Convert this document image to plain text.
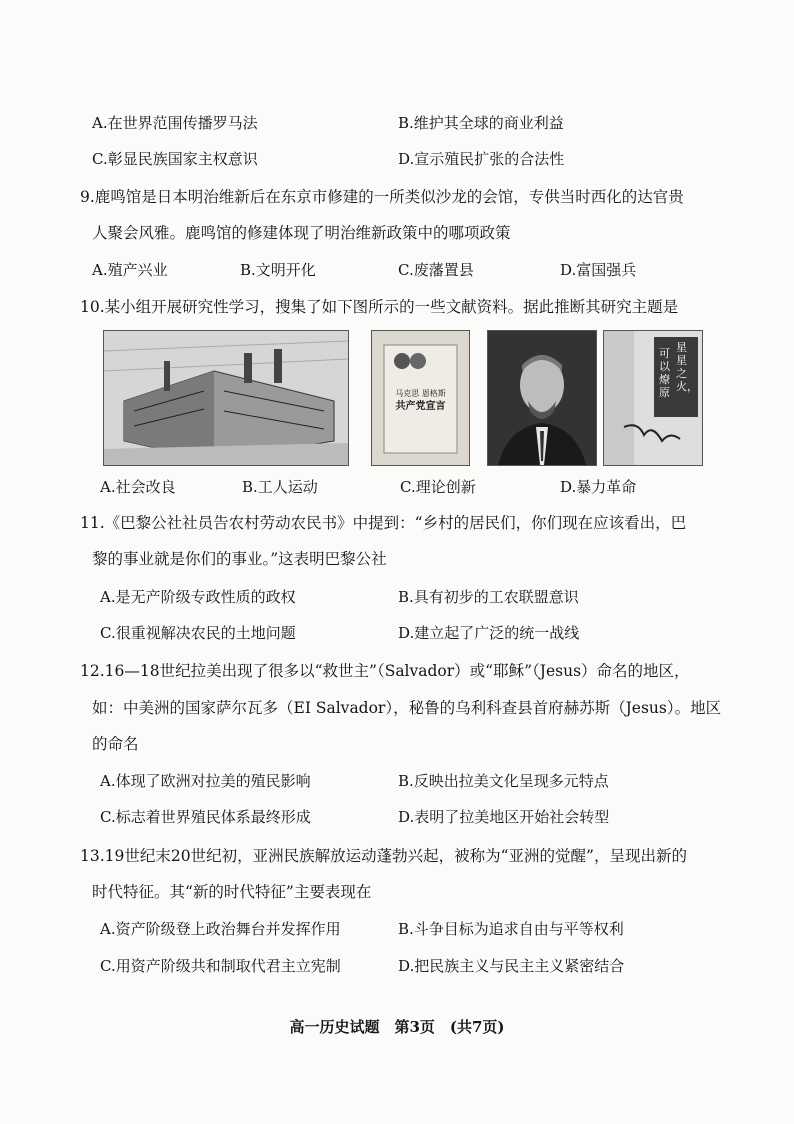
A.在世界范围传播罗马法	B.维护其全球的商业利益
C.彰显民族国家主权意识	D.宣示殖民扩张的合法性
9.鹿鸣馆是日本明治维新后在东京市修建的一所类似沙龙的会馆，专供当时西化的达官贵
人聚会风雅。鹿鸣馆的修建体现了明治维新政策中的哪项政策
A.殖产兴业	B.文明开化	C.废藩置县	D.富国强兵
10.某小组开展研究性学习，搜集了如下图所示的一些文献资料。据此推断其研究主题是
马克思 恩格斯
共产党宣言
星星之火，
可以燎原
A.社会改良	B.工人运动	C.理论创新	D.暴力革命
11.《巴黎公社社员告农村劳动农民书》中提到：“乡村的居民们，你们现在应该看出，巴
黎的事业就是你们的事业。”这表明巴黎公社
A.是无产阶级专政性质的政权	B.具有初步的工农联盟意识
C.很重视解决农民的土地问题	D.建立起了广泛的统一战线
12.16—18世纪拉美出现了很多以“救世主”（Salvador）或“耶稣”（Jesus）命名的地区，
如：中美洲的国家萨尔瓦多（EI Salvador），秘鲁的乌利科查县首府赫苏斯（Jesus）。地区
的命名
A.体现了欧洲对拉美的殖民影响	B.反映出拉美文化呈现多元特点
C.标志着世界殖民体系最终形成	D.表明了拉美地区开始社会转型
13.19世纪末20世纪初，亚洲民族解放运动蓬勃兴起，被称为“亚洲的觉醒”，呈现出新的
时代特征。其“新的时代特征”主要表现在
A.资产阶级登上政治舞台并发挥作用	B.斗争目标为追求自由与平等权利
C.用资产阶级共和制取代君主立宪制	D.把民族主义与民主主义紧密结合
高一历史试题　第3页　(共7页)
